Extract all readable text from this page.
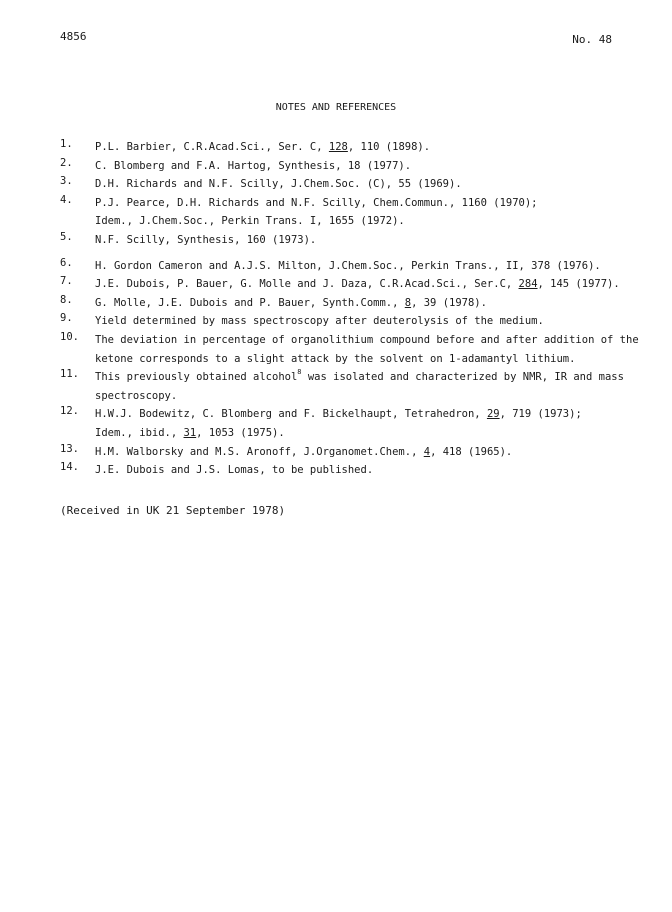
4856	No. 48
NOTES AND REFERENCES
1.	P.L. Barbier, C.R.Acad.Sci., Ser. C, 128, 110 (1898).
2.	C. Blomberg and F.A. Hartog, Synthesis, 18 (1977).
3.	D.H. Richards and N.F. Scilly, J.Chem.Soc. (C), 55 (1969).
4.	P.J. Pearce, D.H. Richards and N.F. Scilly, Chem.Commun., 1160 (1970);
Idem., J.Chem.Soc., Perkin Trans. I, 1655 (1972).
5.	N.F. Scilly, Synthesis, 160 (1973).
6.	H. Gordon Cameron and A.J.S. Milton, J.Chem.Soc., Perkin Trans., II, 378 (1976).
7.	J.E. Dubois, P. Bauer, G. Molle and J. Daza, C.R.Acad.Sci., Ser.C, 284, 145 (1977).
8.	G. Molle, J.E. Dubois and P. Bauer, Synth.Comm., 8, 39 (1978).
9.	Yield determined by mass spectroscopy after deuterolysis of the medium.
10.	The deviation in percentage of organolithium compound before and after addition of the
ketone corresponds to a slight attack by the solvent on 1-adamantyl lithium.
11.	This previously obtained alcohol$^8$ was isolated and characterized by NMR, IR and mass
spectroscopy.
12.	H.W.J. Bodewitz, C. Blomberg and F. Bickelhaupt, Tetrahedron, 29, 719 (1973);
Idem., ibid., 31, 1053 (1975).
13.	H.M. Walborsky and M.S. Aronoff, J.Organomet.Chem., 4, 418 (1965).
14.	J.E. Dubois and J.S. Lomas, to be published.
(Received in UK 21 September 1978)
